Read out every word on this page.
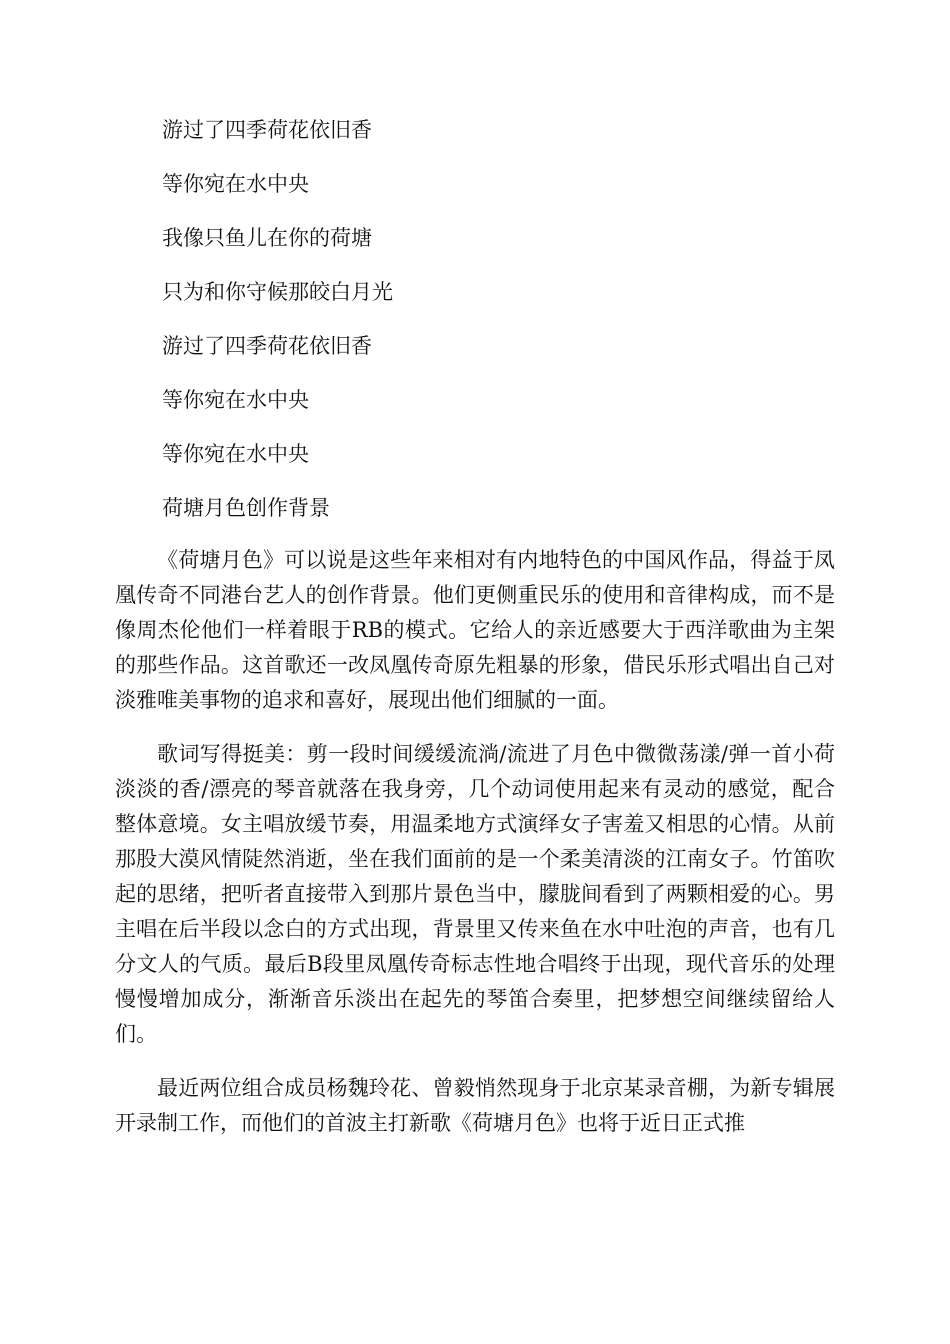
游过了四季荷花依旧香
等你宛在水中央
我像只鱼儿在你的荷塘
只为和你守候那皎白月光
游过了四季荷花依旧香
等你宛在水中央
等你宛在水中央
荷塘月色创作背景

《荷塘月色》可以说是这些年来相对有内地特色的中国风作品，得益于凤凰传奇不同港台艺人的创作背景。他们更侧重民乐的使用和音律构成，而不是像周杰伦他们一样着眼于RB的模式。它给人的亲近感要大于西洋歌曲为主架的那些作品。这首歌还一改凤凰传奇原先粗暴的形象，借民乐形式唱出自己对淡雅唯美事物的追求和喜好，展现出他们细腻的一面。

歌词写得挺美：剪一段时间缓缓流淌/流进了月色中微微荡漾/弹一首小荷淡淡的香/漂亮的琴音就落在我身旁，几个动词使用起来有灵动的感觉，配合整体意境。女主唱放缓节奏，用温柔地方式演绎女子害羞又相思的心情。从前那股大漠风情陡然消逝，坐在我们面前的是一个柔美清淡的江南女子。竹笛吹起的思绪，把听者直接带入到那片景色当中，朦胧间看到了两颗相爱的心。男主唱在后半段以念白的方式出现，背景里又传来鱼在水中吐泡的声音，也有几分文人的气质。最后B段里凤凰传奇标志性地合唱终于出现，现代音乐的处理慢慢增加成分，渐渐音乐淡出在起先的琴笛合奏里，把梦想空间继续留给人们。

最近两位组合成员杨魏玲花、曾毅悄然现身于北京某录音棚，为新专辑展开录制工作，而他们的首波主打新歌《荷塘月色》也将于近日正式推
